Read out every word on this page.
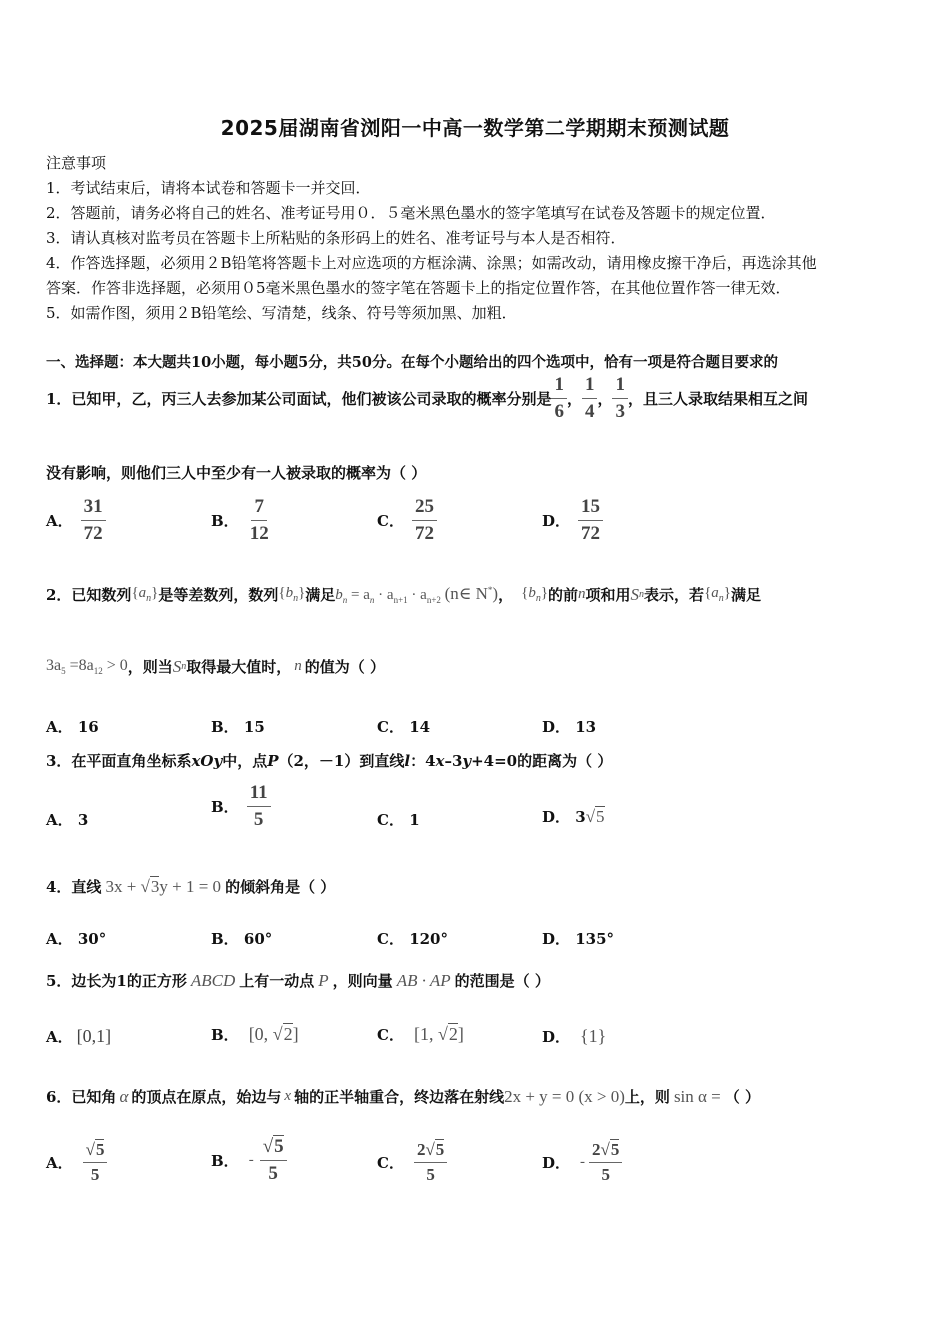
2025届湖南省浏阳一中高一数学第二学期期末预测试题
注意事项
1．考试结束后，请将本试卷和答题卡一并交回．
2．答题前，请务必将自己的姓名、准考证号用０．５毫米黑色墨水的签字笔填写在试卷及答题卡的规定位置．
3．请认真核对监考员在答题卡上所粘贴的条形码上的姓名、准考证号与本人是否相符．
4．作答选择题，必须用２B铅笔将答题卡上对应选项的方框涂满、涂黑；如需改动，请用橡皮擦干净后，再选涂其他
答案．作答非选择题，必须用０5毫米黑色墨水的签字笔在答题卡上的指定位置作答，在其他位置作答一律无效．
5．如需作图，须用２B铅笔绘、写清楚，线条、符号等须加黑、加粗．
一、选择题：本大题共10小题，每小题5分，共50分。在每个小题给出的四个选项中，恰有一项是符合题目要求的
1．已知甲，乙，丙三人去参加某公司面试，他们被该公司录取的概率分别是 $\frac{1}{6}$ ， $\frac{1}{4}$ ， $\frac{1}{3}$ ，且三人录取结果相互之间
没有影响，则他们三人中至少有一人被录取的概率为（ ）
A． $\frac{31}{72}$	B． $\frac{7}{12}$	C． $\frac{25}{72}$	D． $\frac{15}{72}$
2．已知数列 $\{a_n\}$ 是等差数列，数列 $\{b_n\}$ 满足 $b_n = a_n \cdot a_{n+1} \cdot a_{n+2}$ (n∈ N*) ， $\{b_n\}$ 的前 n 项和用 S n 表示，若 $\{a_n\}$ 满足
$3a_5 =8a_{12} > 0$ ，则当 S n 取得最大值时， n 的值为（ ）
A． 16	B． 15	C． 14	D． 13
3．在平面直角坐标系xOy中，点P（2，－1）到直线l：4x–3y+4=0的距离为（ ）
A． 3
B． $\frac{11}{5}$	C． 1	D． 3√5
4．直线 3x + √3y + 1 = 0 的倾斜角是（ ）
A． 30°	B． 60°	C． 120°	D． 135°
5．边长为1的正方形 ABCD 上有一动点 P ，则向量 AB · AP 的范围是（ ）
A． [0,1]	B． [0, √2]	C． [1, √2]	D． {1}
6．已知角 α 的顶点在原点，始边与 x 轴的正半轴重合，终边落在射线 2x + y = 0 (x > 0) 上，则 sin α = （ ）
A． $\frac{√5}{5}$	B． - $\frac{√5}{5}$	C． $\frac{2√5}{5}$	D． - $\frac{2√5}{5}$
